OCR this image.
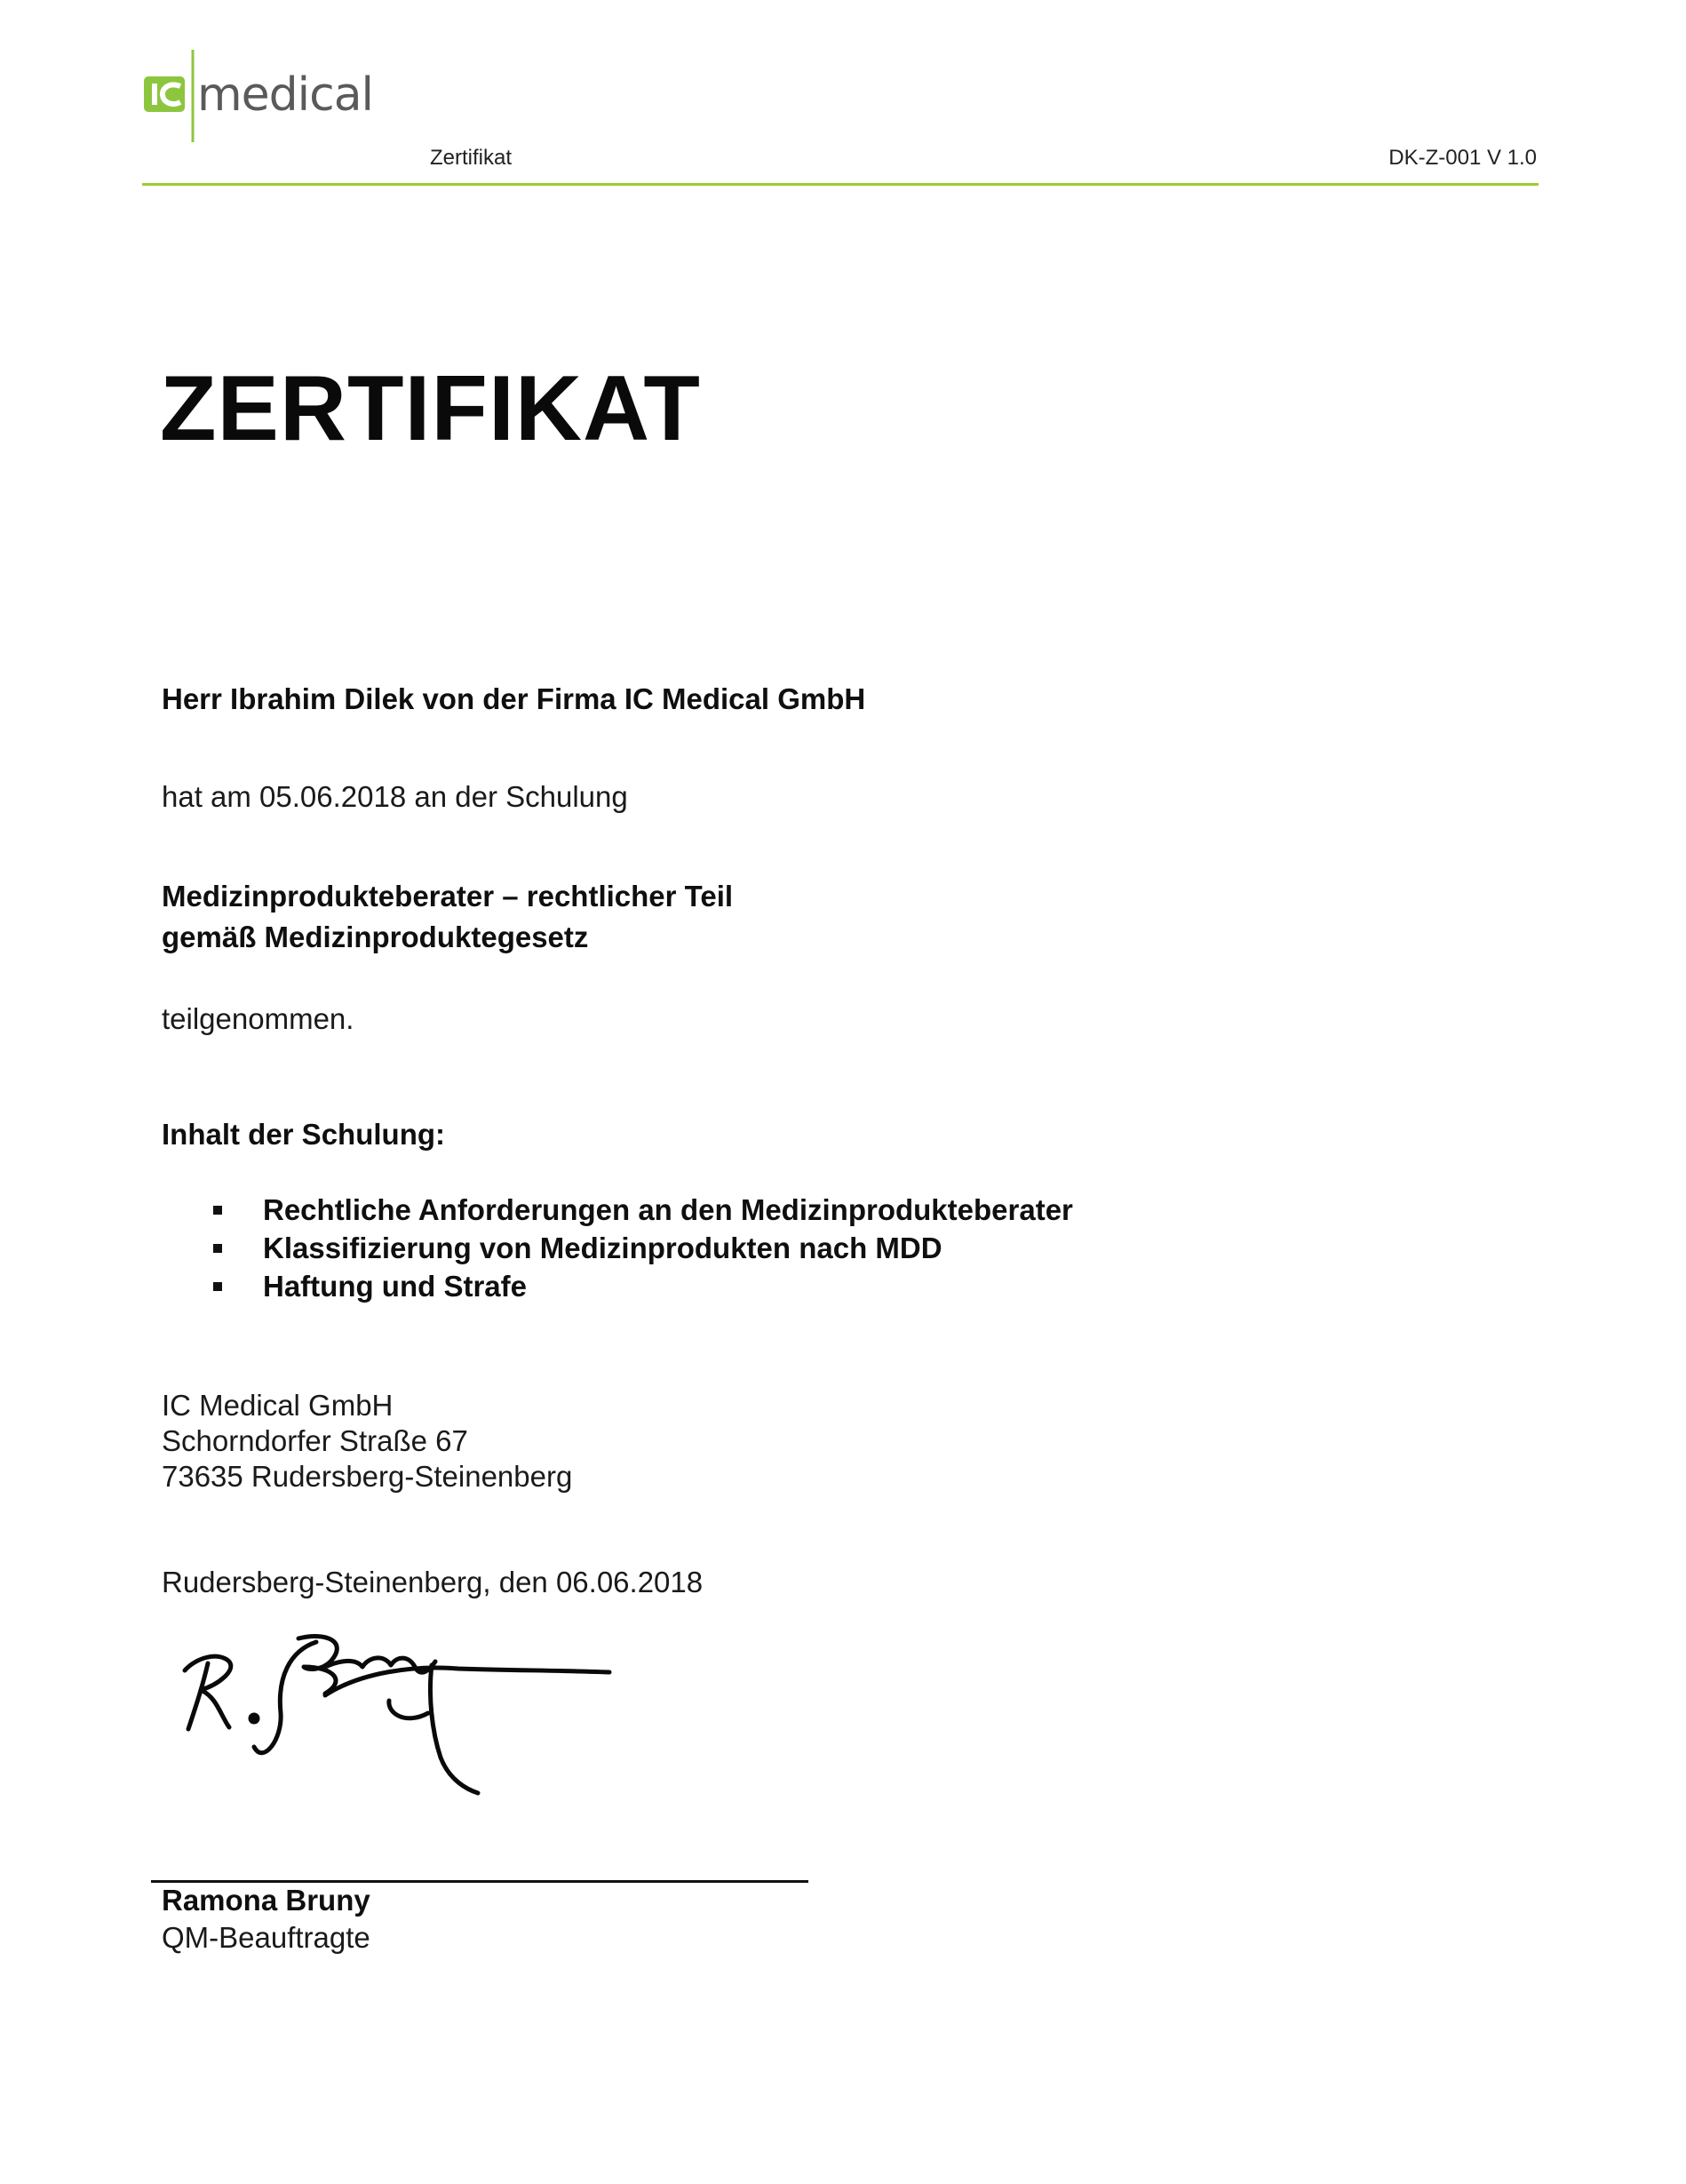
medical
Zertifikat	DK-Z-001 V 1.0
ZERTIFIKAT
Herr Ibrahim Dilek von der Firma IC Medical GmbH
hat am 05.06.2018 an der Schulung
Medizinprodukteberater – rechtlicher Teil
gemäß Medizinproduktegesetz
teilgenommen.
Inhalt der Schulung:
Rechtliche Anforderungen an den Medizinprodukteberater
Klassifizierung von Medizinprodukten nach MDD
Haftung und Strafe
IC Medical GmbH
Schorndorfer Straße 67
73635 Rudersberg-Steinenberg
Rudersberg-Steinenberg, den 06.06.2018
Ramona Bruny
QM-Beauftragte
